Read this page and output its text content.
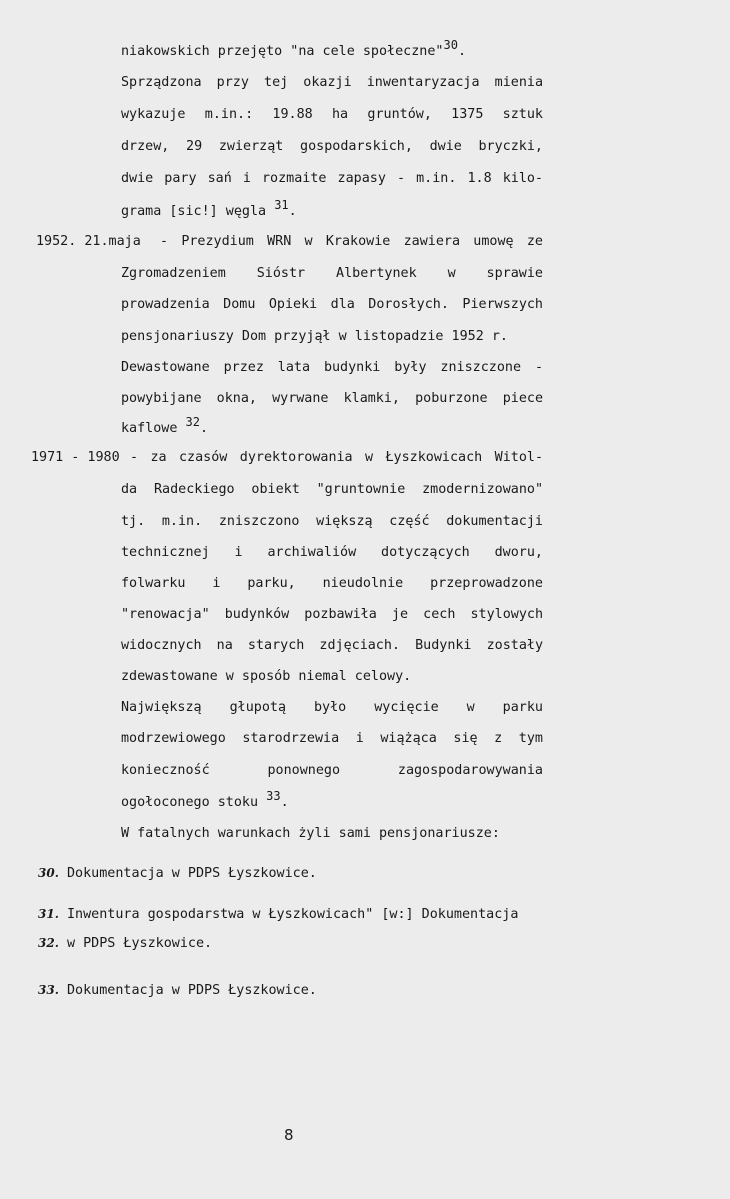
niakowskich przejęto "na cele społeczne"$^{30}$.
Sprządzona przy tej okazji inwentaryzacja mienia
wykazuje m.in.: 19.88 ha gruntów, 1375 sztuk
drzew, 29 zwierząt gospodarskich, dwie bryczki,
dwie pary sań i rozmaite zapasy - m.in. 1.8 kilo-
grama [sic!] węgla $^{31}$.
1952. 21.maja - Prezydium WRN w Krakowie zawiera umowę ze
Zgromadzeniem Sióstr Albertynek w sprawie
prowadzenia Domu Opieki dla Dorosłych. Pierwszych
pensjonariuszy Dom przyjął w listopadzie 1952 r.
Dewastowane przez lata budynki były zniszczone -
powybijane okna, wyrwane klamki, poburzone piece
kaflowe $^{32}$.
1971 - 1980 - za czasów dyrektorowania w Łyszkowicach Witol-
da Radeckiego obiekt "gruntownie zmodernizowano"
tj. m.in. zniszczono większą część dokumentacji
technicznej i archiwaliów dotyczących dworu,
folwarku i parku, nieudolnie przeprowadzone
"renowacja" budynków pozbawiła je cech stylowych
widocznych na starych zdjęciach. Budynki zostały
zdewastowane w sposób niemal celowy.
Największą głupotą było wycięcie w parku
modrzewiowego starodrzewia i wiążąca się z tym
konieczność ponownego zagospodarowywania
ogołoconego stoku $^{33}$.
W fatalnych warunkach żyli sami pensjonariusze:
30. Dokumentacja w PDPS Łyszkowice.
31. Inwentura gospodarstwa w Łyszkowicach" [w:] Dokumentacja
32. w PDPS Łyszkowice.
33. Dokumentacja w PDPS Łyszkowice.
8
